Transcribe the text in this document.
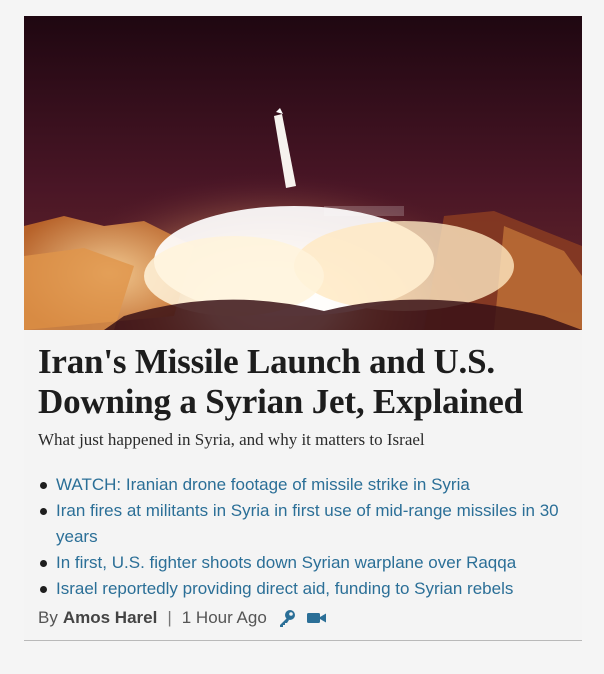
Iran's Missile Launch and U.S. Downing a Syrian Jet, Explained
What just happened in Syria, and why it matters to Israel
WATCH: Iranian drone footage of missile strike in Syria
Iran fires at militants in Syria in first use of mid-range missiles in 30 years
In first, U.S. fighter shoots down Syrian warplane over Raqqa
Israel reportedly providing direct aid, funding to Syrian rebels
By Amos Harel | 1 Hour Ago
